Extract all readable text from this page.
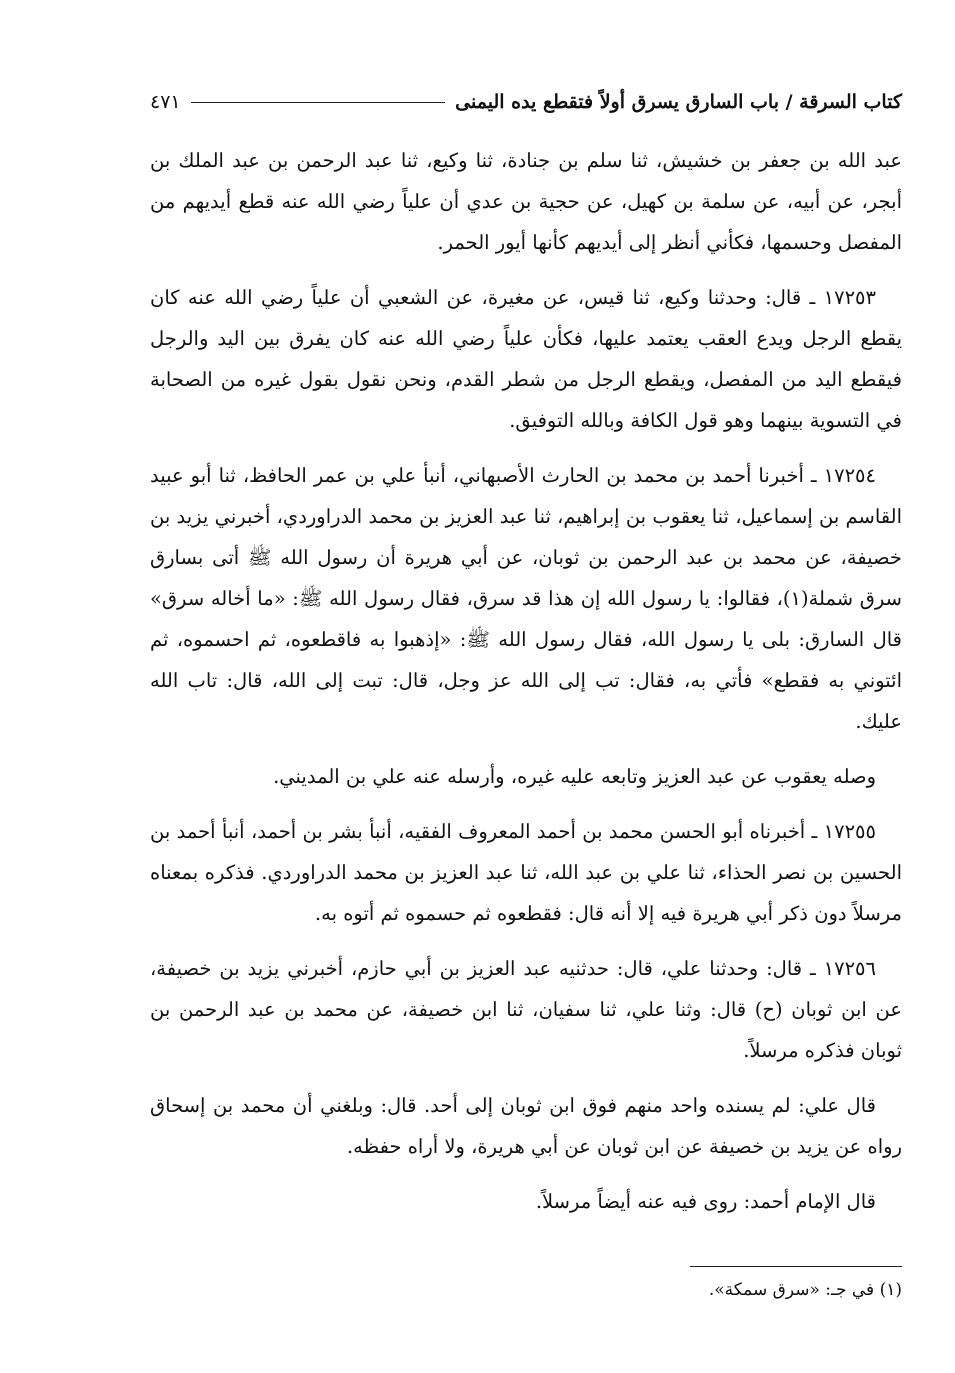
كتاب السرقة / باب السارق يسرق أولاً فتقطع يده اليمنى
٤٧١

عبد الله بن جعفر بن خشيش، ثنا سلم بن جنادة، ثنا وكيع، ثنا عبد الرحمن بن عبد الملك بن أبجر، عن أبيه، عن سلمة بن كهيل، عن حجية بن عدي أن علياً رضي الله عنه قطع أيديهم من المفصل وحسمها، فكأني أنظر إلى أيديهم كأنها أيور الحمر.

١٧٢٥٣ ـ قال: وحدثنا وكيع، ثنا قيس، عن مغيرة، عن الشعبي أن علياً رضي الله عنه كان يقطع الرجل ويدع العقب يعتمد عليها، فكأن علياً رضي الله عنه كان يفرق بين اليد والرجل فيقطع اليد من المفصل، ويقطع الرجل من شطر القدم، ونحن نقول بقول غيره من الصحابة في التسوية بينهما وهو قول الكافة وبالله التوفيق.

١٧٢٥٤ ـ أخبرنا أحمد بن محمد بن الحارث الأصبهاني، أنبأ علي بن عمر الحافظ، ثنا أبو عبيد القاسم بن إسماعيل، ثنا يعقوب بن إبراهيم، ثنا عبد العزيز بن محمد الدراوردي، أخبرني يزيد بن خصيفة، عن محمد بن عبد الرحمن بن ثوبان، عن أبي هريرة أن رسول الله ﷺ أتى بسارق سرق شملة(١)، فقالوا: يا رسول الله إن هذا قد سرق، فقال رسول الله ﷺ: «ما أخاله سرق» قال السارق: بلى يا رسول الله، فقال رسول الله ﷺ: «إذهبوا به فاقطعوه، ثم احسموه، ثم ائتوني به فقطع» فأتي به، فقال: تب إلى الله عز وجل، قال: تبت إلى الله، قال: تاب الله عليك.

وصله يعقوب عن عبد العزيز وتابعه عليه غيره، وأرسله عنه علي بن المديني.

١٧٢٥٥ ـ أخبرناه أبو الحسن محمد بن أحمد المعروف الفقيه، أنبأ بشر بن أحمد، أنبأ أحمد بن الحسين بن نصر الحذاء، ثنا علي بن عبد الله، ثنا عبد العزيز بن محمد الدراوردي. فذكره بمعناه مرسلاً دون ذكر أبي هريرة فيه إلا أنه قال: فقطعوه ثم حسموه ثم أتوه به.

١٧٢٥٦ ـ قال: وحدثنا علي، قال: حدثنيه عبد العزيز بن أبي حازم، أخبرني يزيد بن خصيفة، عن ابن ثوبان (ح) قال: وثنا علي، ثنا سفيان، ثنا ابن خصيفة، عن محمد بن عبد الرحمن بن ثوبان فذكره مرسلاً.

قال علي: لم يسنده واحد منهم فوق ابن ثوبان إلى أحد. قال: وبلغني أن محمد بن إسحاق رواه عن يزيد بن خصيفة عن ابن ثوبان عن أبي هريرة، ولا أراه حفظه.

قال الإمام أحمد: روى فيه عنه أيضاً مرسلاً.

(١) في جـ: «سرق سمكة».
